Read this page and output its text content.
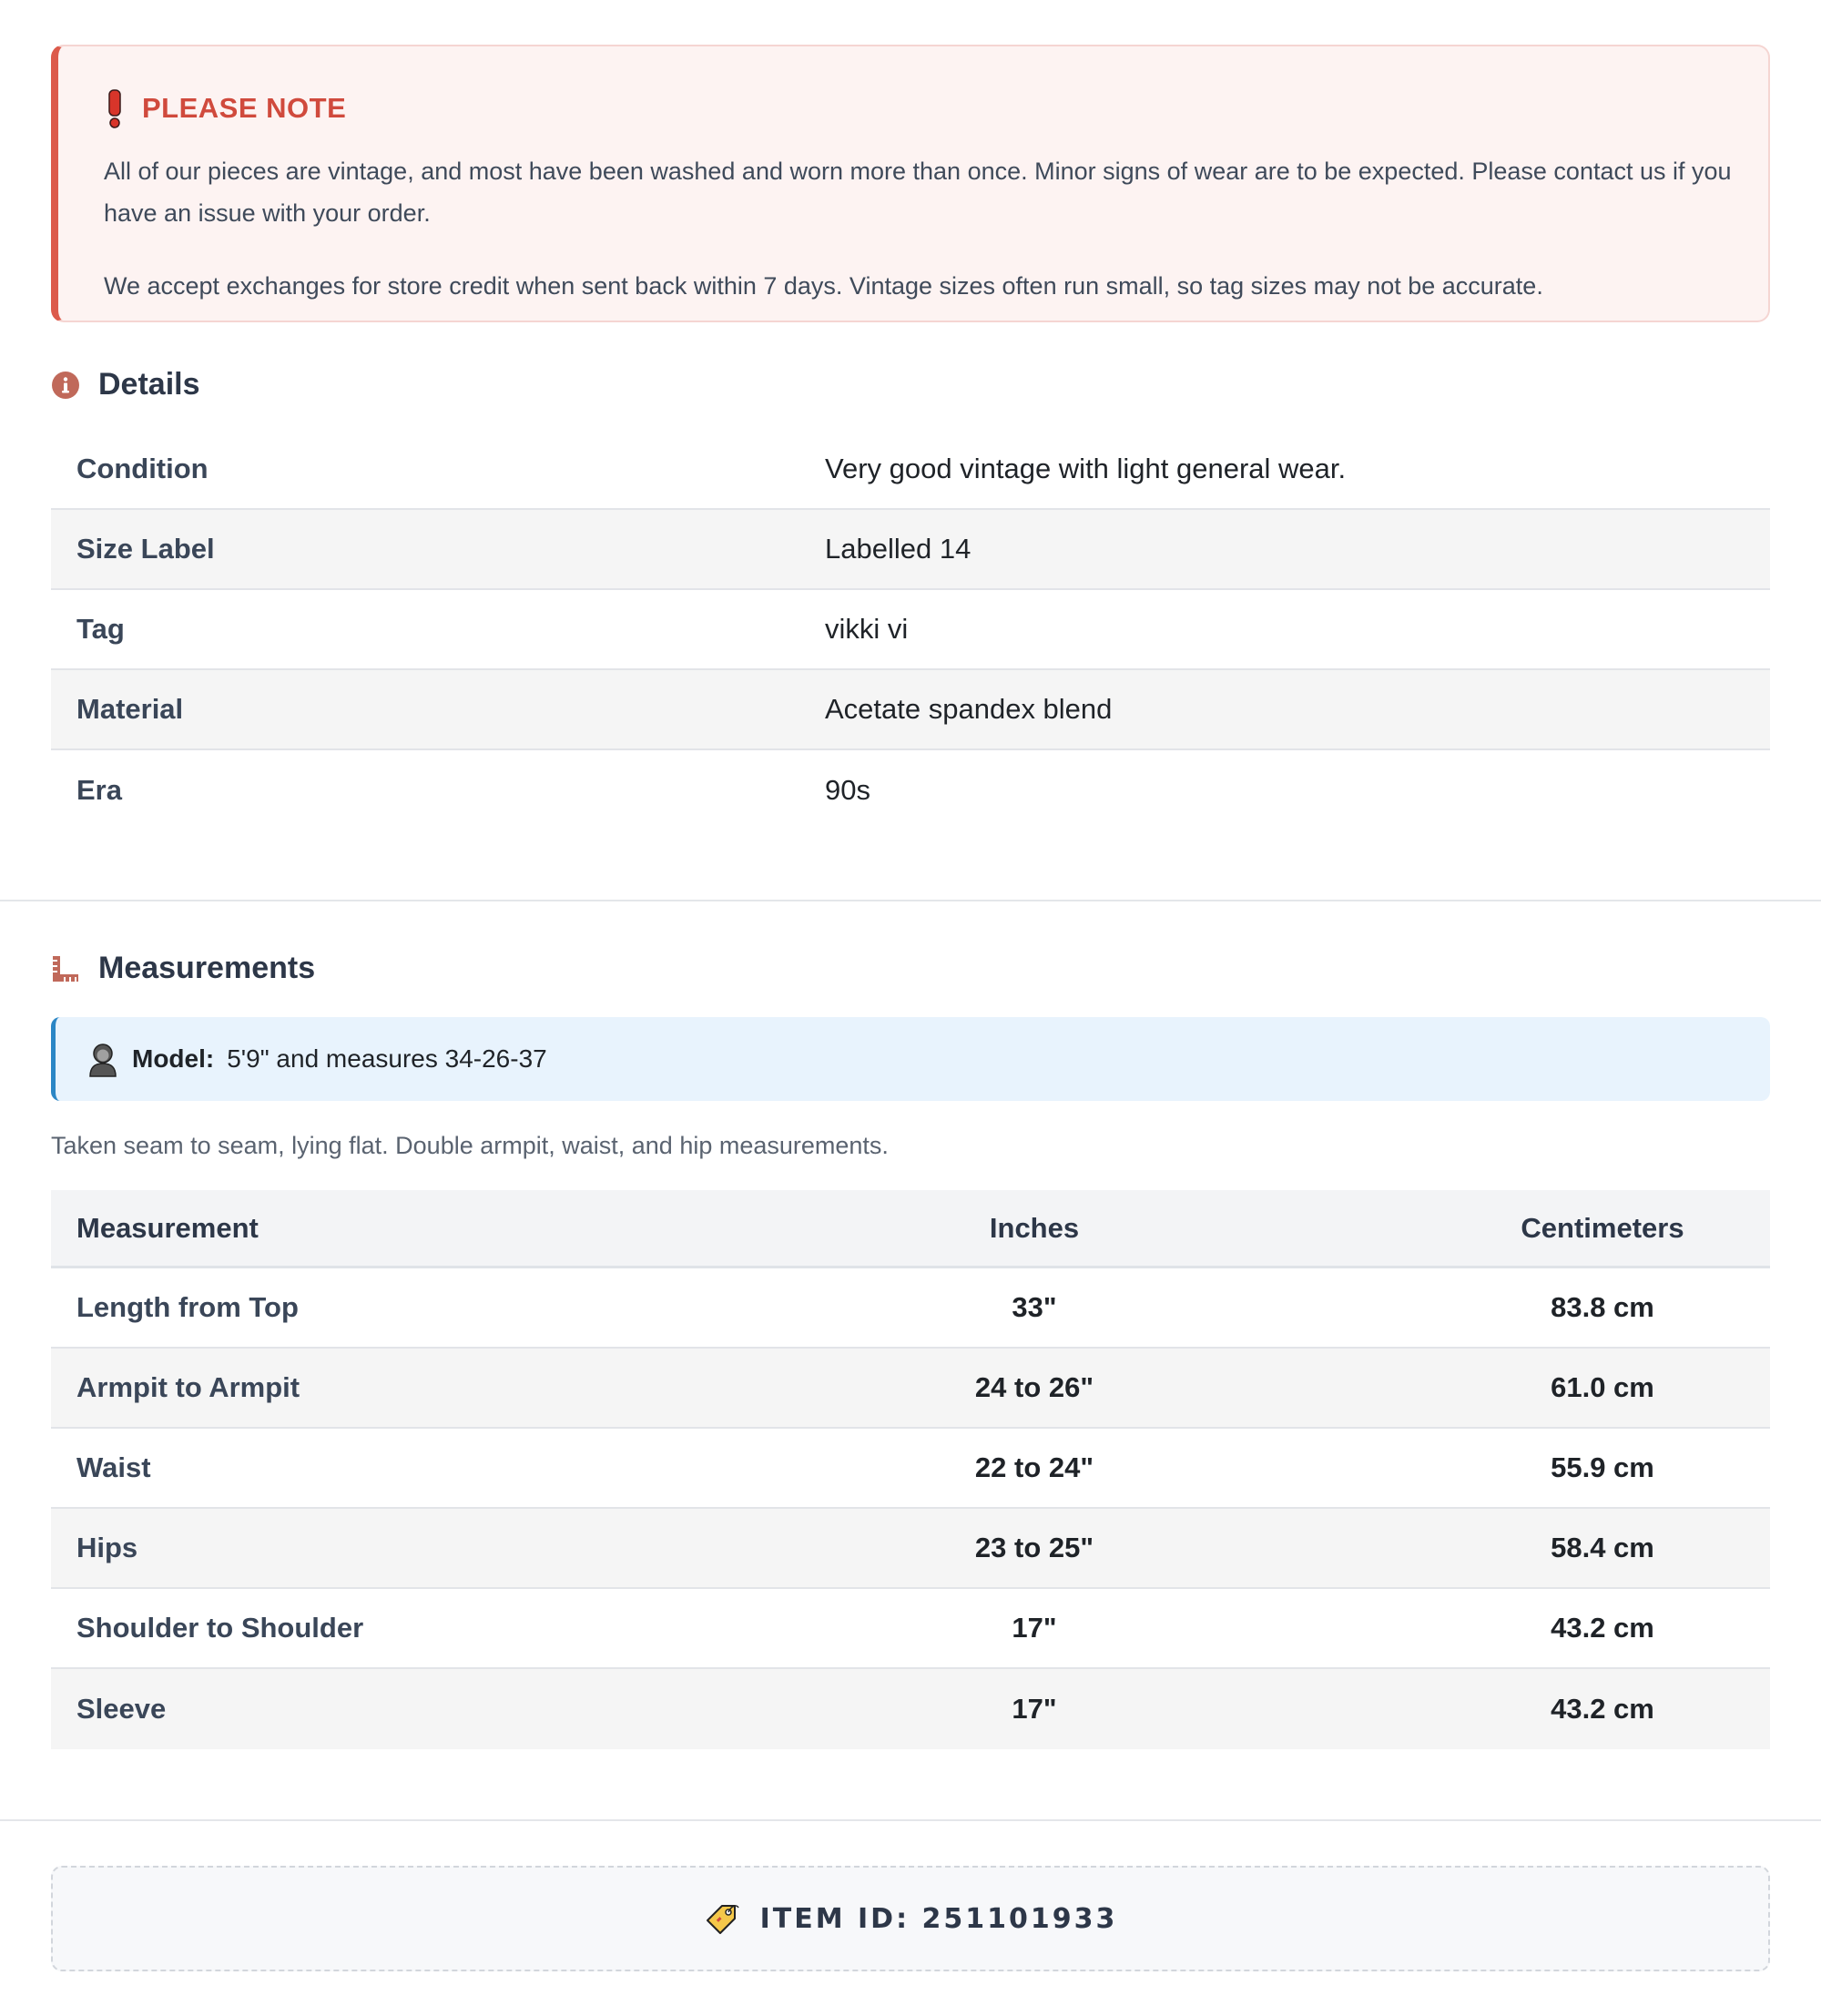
PLEASE NOTE

All of our pieces are vintage, and most have been washed and worn more than once. Minor signs of wear are to be expected. Please contact us if you have an issue with your order.

We accept exchanges for store credit when sent back within 7 days. Vintage sizes often run small, so tag sizes may not be accurate.

Details
Condition	Very good vintage with light general wear.
Size Label	Labelled 14
Tag	vikki vi
Material	Acetate spandex blend
Era	90s
Measurements
Model: 5'9" and measures 34-26-37
Taken seam to seam, lying flat. Double armpit, waist, and hip measurements.
Measurement	Inches	Centimeters
Length from Top	33"	83.8 cm
Armpit to Armpit	24 to 26"	61.0 cm
Waist	22 to 24"	55.9 cm
Hips	23 to 25"	58.4 cm
Shoulder to Shoulder	17"	43.2 cm
Sleeve	17"	43.2 cm
ITEM ID: 251101933
